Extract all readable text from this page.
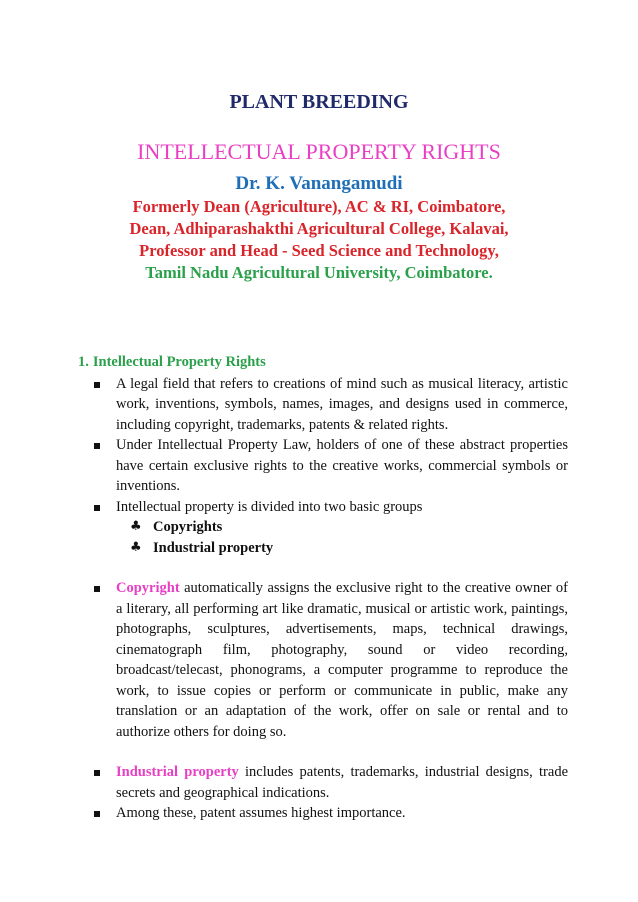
PLANT BREEDING

INTELLECTUAL PROPERTY RIGHTS

Dr. K. Vanangamudi

Formerly Dean (Agriculture), AC & RI, Coimbatore,

Dean, Adhiparashakthi Agricultural College, Kalavai,

Professor and Head - Seed Science and Technology,

Tamil Nadu Agricultural University, Coimbatore.

1. Intellectual Property Rights

A legal field that refers to creations of mind such as musical literacy, artistic work, inventions, symbols, names, images, and designs used in commerce, including copyright, trademarks, patents & related rights.
Under Intellectual Property Law, holders of one of these abstract properties have certain exclusive rights to the creative works, commercial symbols or inventions.
Intellectual property is divided into two basic groups
♣ Copyrights
♣ Industrial property
Copyright automatically assigns the exclusive right to the creative owner of a literary, all performing art like dramatic, musical or artistic work, paintings, photographs, sculptures, advertisements, maps, technical drawings, cinematograph film, photography, sound or video recording, broadcast/telecast, phonograms, a computer programme to reproduce the work, to issue copies or perform or communicate in public, make any translation or an adaptation of the work, offer on sale or rental and to authorize others for doing so.
Industrial property includes patents, trademarks, industrial designs, trade secrets and geographical indications.
Among these, patent assumes highest importance.
